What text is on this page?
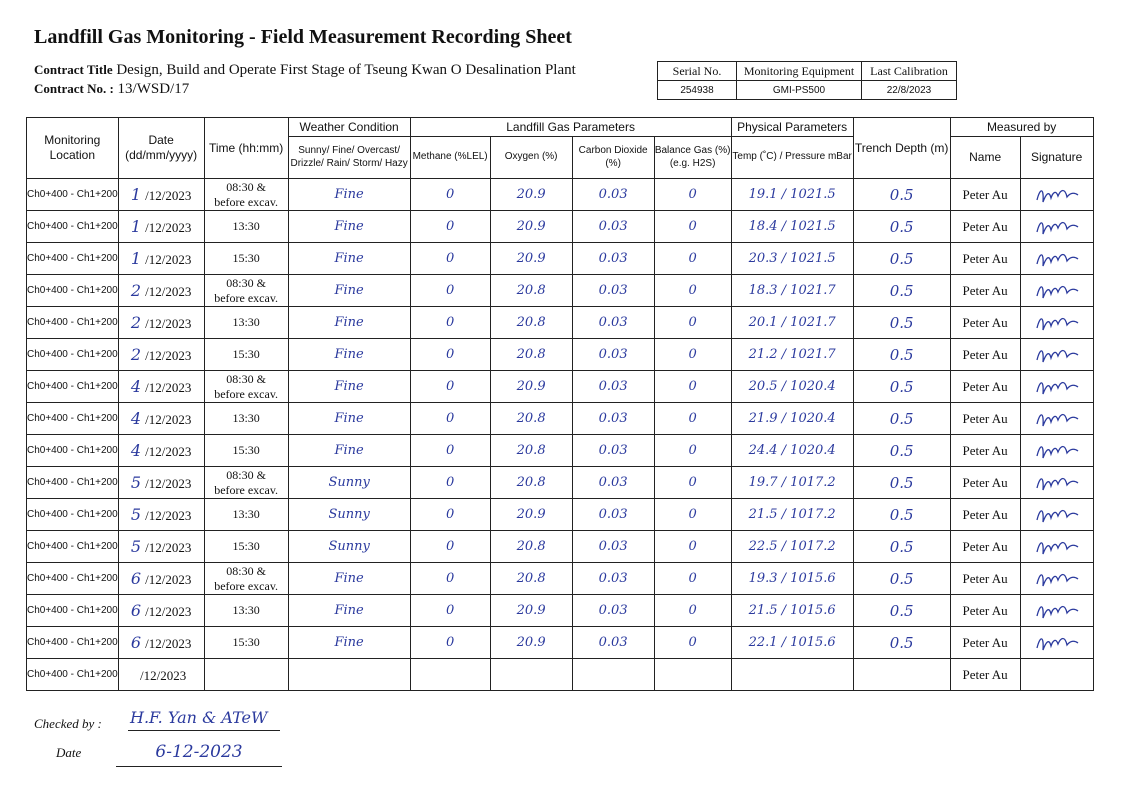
Landfill Gas Monitoring - Field Measurement Recording Sheet
Contract Title Design, Build and Operate First Stage of Tseung Kwan O Desalination Plant
Contract No. : 13/WSD/17
Serial No.	Monitoring Equipment	Last Calibration
254938	GMI-PS500	22/8/2023
Monitoring Location	Date (dd/mm/yyyy)	Time (hh:mm)	Weather Condition	Landfill Gas Parameters				Physical Parameters	Trench Depth (m)	Measured by	
			Sunny/ Fine/ Overcast/ Drizzle/ Rain/ Storm/ Hazy	Methane (%LEL)	Oxygen (%)	Carbon Dioxide (%)	Balance Gas (%) (e.g. H2S)	Temp (˚C) / Pressure mBar		Name	Signature
Ch0+400 - Ch1+200	1 /12/2023	08:30 &
before excav.	Fine	0	20.9	0.03	0	19.1 / 1021.5	0.5	Peter Au	
Ch0+400 - Ch1+200	1 /12/2023	13:30	Fine	0	20.9	0.03	0	18.4 / 1021.5	0.5	Peter Au	
Ch0+400 - Ch1+200	1 /12/2023	15:30	Fine	0	20.9	0.03	0	20.3 / 1021.5	0.5	Peter Au	
Ch0+400 - Ch1+200	2 /12/2023	08:30 &
before excav.	Fine	0	20.8	0.03	0	18.3 / 1021.7	0.5	Peter Au	
Ch0+400 - Ch1+200	2 /12/2023	13:30	Fine	0	20.8	0.03	0	20.1 / 1021.7	0.5	Peter Au	
Ch0+400 - Ch1+200	2 /12/2023	15:30	Fine	0	20.8	0.03	0	21.2 / 1021.7	0.5	Peter Au	
Ch0+400 - Ch1+200	4 /12/2023	08:30 &
before excav.	Fine	0	20.9	0.03	0	20.5 / 1020.4	0.5	Peter Au	
Ch0+400 - Ch1+200	4 /12/2023	13:30	Fine	0	20.8	0.03	0	21.9 / 1020.4	0.5	Peter Au	
Ch0+400 - Ch1+200	4 /12/2023	15:30	Fine	0	20.8	0.03	0	24.4 / 1020.4	0.5	Peter Au	
Ch0+400 - Ch1+200	5 /12/2023	08:30 &
before excav.	Sunny	0	20.8	0.03	0	19.7 / 1017.2	0.5	Peter Au	
Ch0+400 - Ch1+200	5 /12/2023	13:30	Sunny	0	20.9	0.03	0	21.5 / 1017.2	0.5	Peter Au	
Ch0+400 - Ch1+200	5 /12/2023	15:30	Sunny	0	20.8	0.03	0	22.5 / 1017.2	0.5	Peter Au	
Ch0+400 - Ch1+200	6 /12/2023	08:30 &
before excav.	Fine	0	20.8	0.03	0	19.3 / 1015.6	0.5	Peter Au	
Ch0+400 - Ch1+200	6 /12/2023	13:30	Fine	0	20.9	0.03	0	21.5 / 1015.6	0.5	Peter Au	
Ch0+400 - Ch1+200	6 /12/2023	15:30	Fine	0	20.9	0.03	0	22.1 / 1015.6	0.5	Peter Au	
Ch0+400 - Ch1+200	/12/2023									Peter Au	
Checked by : H.F. Yan & ATeW
Date	6-12-2023
